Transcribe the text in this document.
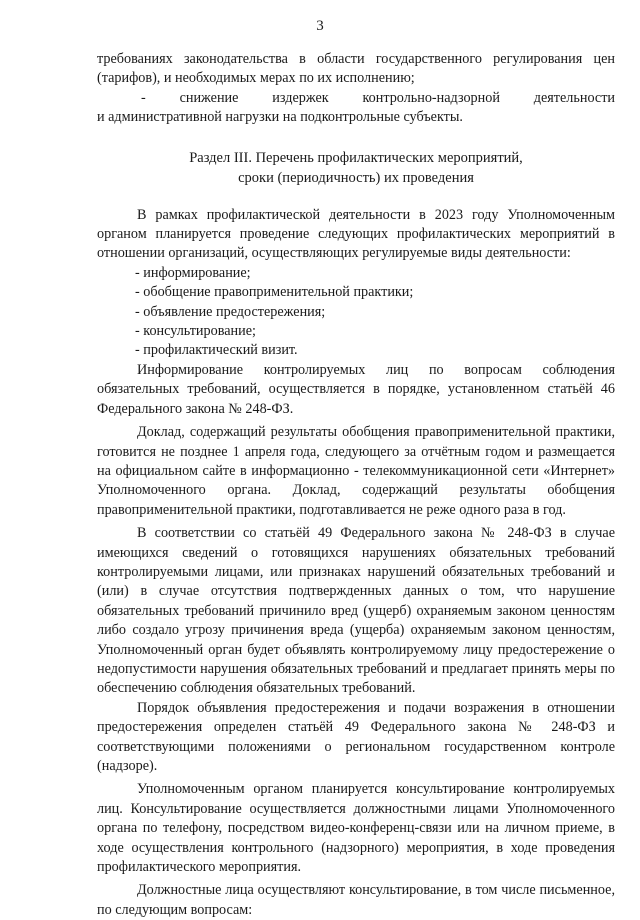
3

требованиях законодательства в области государственного регулирования цен

(тарифов), и необходимых мерах по их исполнению;

- снижение издержек контрольно-надзорной деятельности

и административной нагрузки на подконтрольные субъекты.

Раздел III. Перечень профилактических мероприятий,
сроки (периодичность) их проведения

В рамках профилактической деятельности в 2023 году Уполномоченным органом планируется проведение следующих профилактических мероприятий в отношении организаций, осуществляющих регулируемые виды деятельности:

- информирование;

- обобщение правоприменительной практики;

- объявление предостережения;

- консультирование;

- профилактический визит.

Информирование контролируемых лиц по вопросам соблюдения обязательных требований, осуществляется в порядке, установленном статьёй 46 Федерального закона № 248-ФЗ.

Доклад, содержащий результаты обобщения правоприменительной практики, готовится не позднее 1 апреля года, следующего за отчётным годом и размещается на официальном сайте в информационно - телекоммуникационной сети «Интернет» Уполномоченного органа. Доклад, содержащий результаты обобщения правоприменительной практики, подготавливается не реже одного раза в год.

В соответствии со статьёй 49 Федерального закона № 248-ФЗ в случае имеющихся сведений о готовящихся нарушениях обязательных требований контролируемыми лицами, или признаках нарушений обязательных требований и (или) в случае отсутствия подтвержденных данных о том, что нарушение обязательных требований причинило вред (ущерб) охраняемым законом ценностям либо создало угрозу причинения вреда (ущерба) охраняемым законом ценностям, Уполномоченный орган будет объявлять контролируемому лицу предостережение о недопустимости нарушения обязательных требований и предлагает принять меры по обеспечению соблюдения обязательных требований.

Порядок объявления предостережения и подачи возражения в отношении предостережения определен статьёй 49 Федерального закона № 248-ФЗ и соответствующими положениями о региональном государственном контроле (надзоре).

Уполномоченным органом планируется консультирование контролируемых лиц. Консультирование осуществляется должностными лицами Уполномоченного органа по телефону, посредством видео-конференц-связи или на личном приеме, в ходе осуществления контрольного (надзорного) мероприятия, в ходе проведения профилактического мероприятия.

Должностные лица осуществляют консультирование, в том числе письменное, по следующим вопросам:
